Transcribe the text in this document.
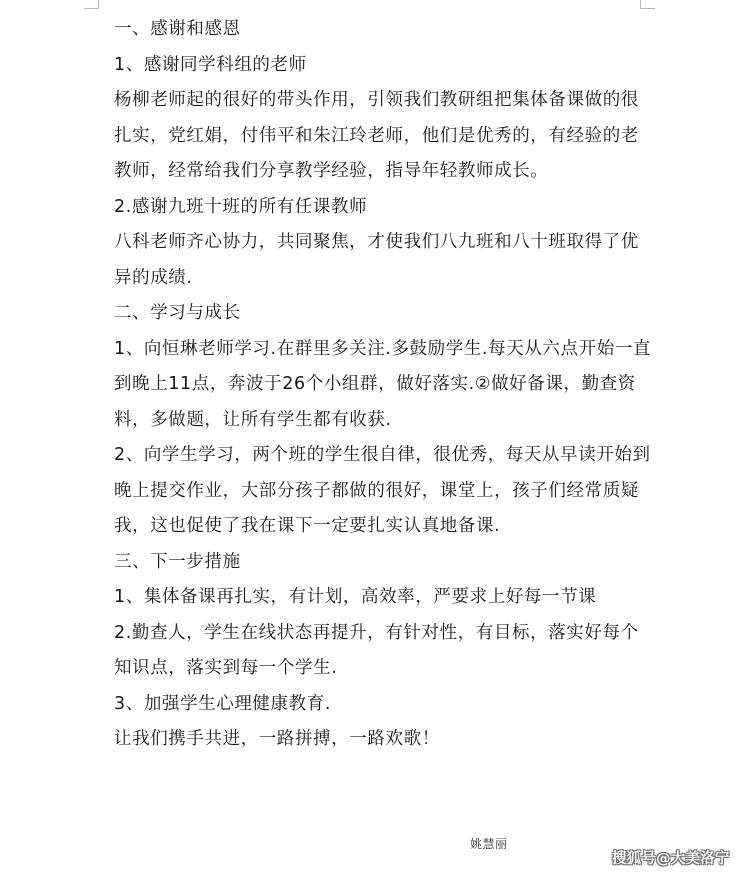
一、感谢和感恩
1、感谢同学科组的老师
杨柳老师起的很好的带头作用，引领我们教研组把集体备课做的很
扎实，党红娟，付伟平和朱江玲老师，他们是优秀的，有经验的老
教师，经常给我们分享教学经验，指导年轻教师成长。
2.感谢九班十班的所有任课教师
八科老师齐心协力，共同聚焦，才使我们八九班和八十班取得了优
异的成绩.
二、学习与成长
1、向恒琳老师学习.在群里多关注.多鼓励学生.每天从六点开始一直
到晚上11点，奔波于26个小组群，做好落实.②做好备课，勤查资
料，多做题，让所有学生都有收获.
2、向学生学习，两个班的学生很自律，很优秀，每天从早读开始到
晚上提交作业，大部分孩子都做的很好，课堂上，孩子们经常质疑
我，这也促使了我在课下一定要扎实认真地备课.
三、下一步措施
1、集体备课再扎实，有计划，高效率，严要求上好每一节课
2.勤查人，学生在线状态再提升，有针对性，有目标，落实好每个
知识点，落实到每一个学生.
3、加强学生心理健康教育.
让我们携手共进，一路拼搏，一路欢歌！
姚慧丽
搜狐号@大美洛宁
